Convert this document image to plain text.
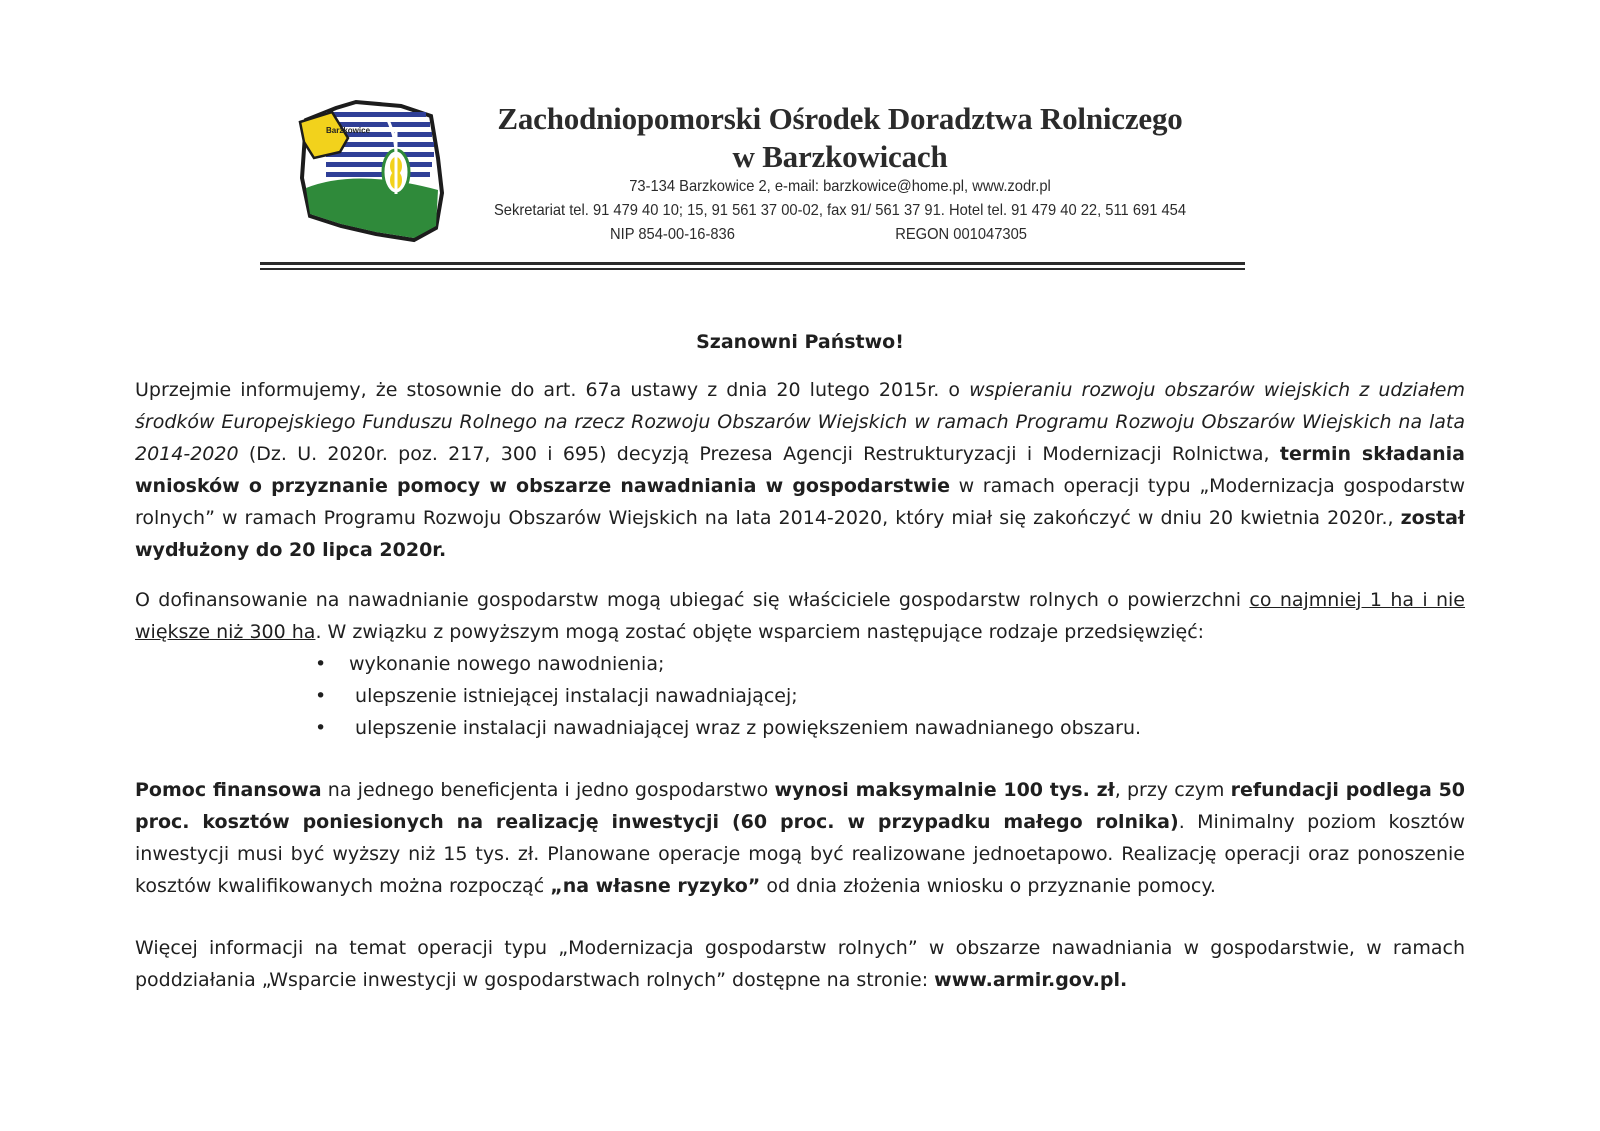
Barzkowice	Zachodniopomorski Ośrodek Doradztwa Rolniczego
w Barzkowicach
73-134 Barzkowice 2, e-mail: barzkowice@home.pl, www.zodr.pl
Sekretariat tel. 91 479 40 10; 15, 91 561 37 00-02, fax 91/ 561 37 91. Hotel tel. 91 479 40 22, 511 691 454
NIP 854-00-16-836	REGON 001047305

Szanowni Państwo!

Uprzejmie informujemy, że stosownie do art. 67a ustawy z dnia 20 lutego 2015r. o wspieraniu rozwoju obszarów wiejskich z udziałem środków Europejskiego Funduszu Rolnego na rzecz Rozwoju Obszarów Wiejskich w ramach Programu Rozwoju Obszarów Wiejskich na lata 2014-2020 (Dz. U. 2020r. poz. 217, 300 i 695) decyzją Prezesa Agencji Restrukturyzacji i Modernizacji Rolnictwa, termin składania wniosków o przyznanie pomocy w obszarze nawadniania w gospodarstwie w ramach operacji typu „Modernizacja gospodarstw rolnych” w ramach Programu Rozwoju Obszarów Wiejskich na lata 2014-2020, który miał się zakończyć w dniu 20 kwietnia 2020r., został wydłużony do 20 lipca 2020r.

O dofinansowanie na nawadnianie gospodarstw mogą ubiegać się właściciele gospodarstw rolnych o powierzchni co najmniej 1 ha i nie większe niż 300 ha. W związku z powyższym mogą zostać objęte wsparciem następujące rodzaje przedsięwzięć:

• wykonanie nowego nawodnienia;
• ulepszenie istniejącej instalacji nawadniającej;
• ulepszenie instalacji nawadniającej wraz z powiększeniem nawadnianego obszaru.

Pomoc finansowa na jednego beneficjenta i jedno gospodarstwo wynosi maksymalnie 100 tys. zł, przy czym refundacji podlega 50 proc. kosztów poniesionych na realizację inwestycji (60 proc. w przypadku małego rolnika). Minimalny poziom kosztów inwestycji musi być wyższy niż 15 tys. zł. Planowane operacje mogą być realizowane jednoetapowo. Realizację operacji oraz ponoszenie kosztów kwalifikowanych można rozpocząć „na własne ryzyko” od dnia złożenia wniosku o przyznanie pomocy.

Więcej informacji na temat operacji typu „Modernizacja gospodarstw rolnych” w obszarze nawadniania w gospodarstwie, w ramach poddziałania „Wsparcie inwestycji w gospodarstwach rolnych” dostępne na stronie: www.armir.gov.pl.
